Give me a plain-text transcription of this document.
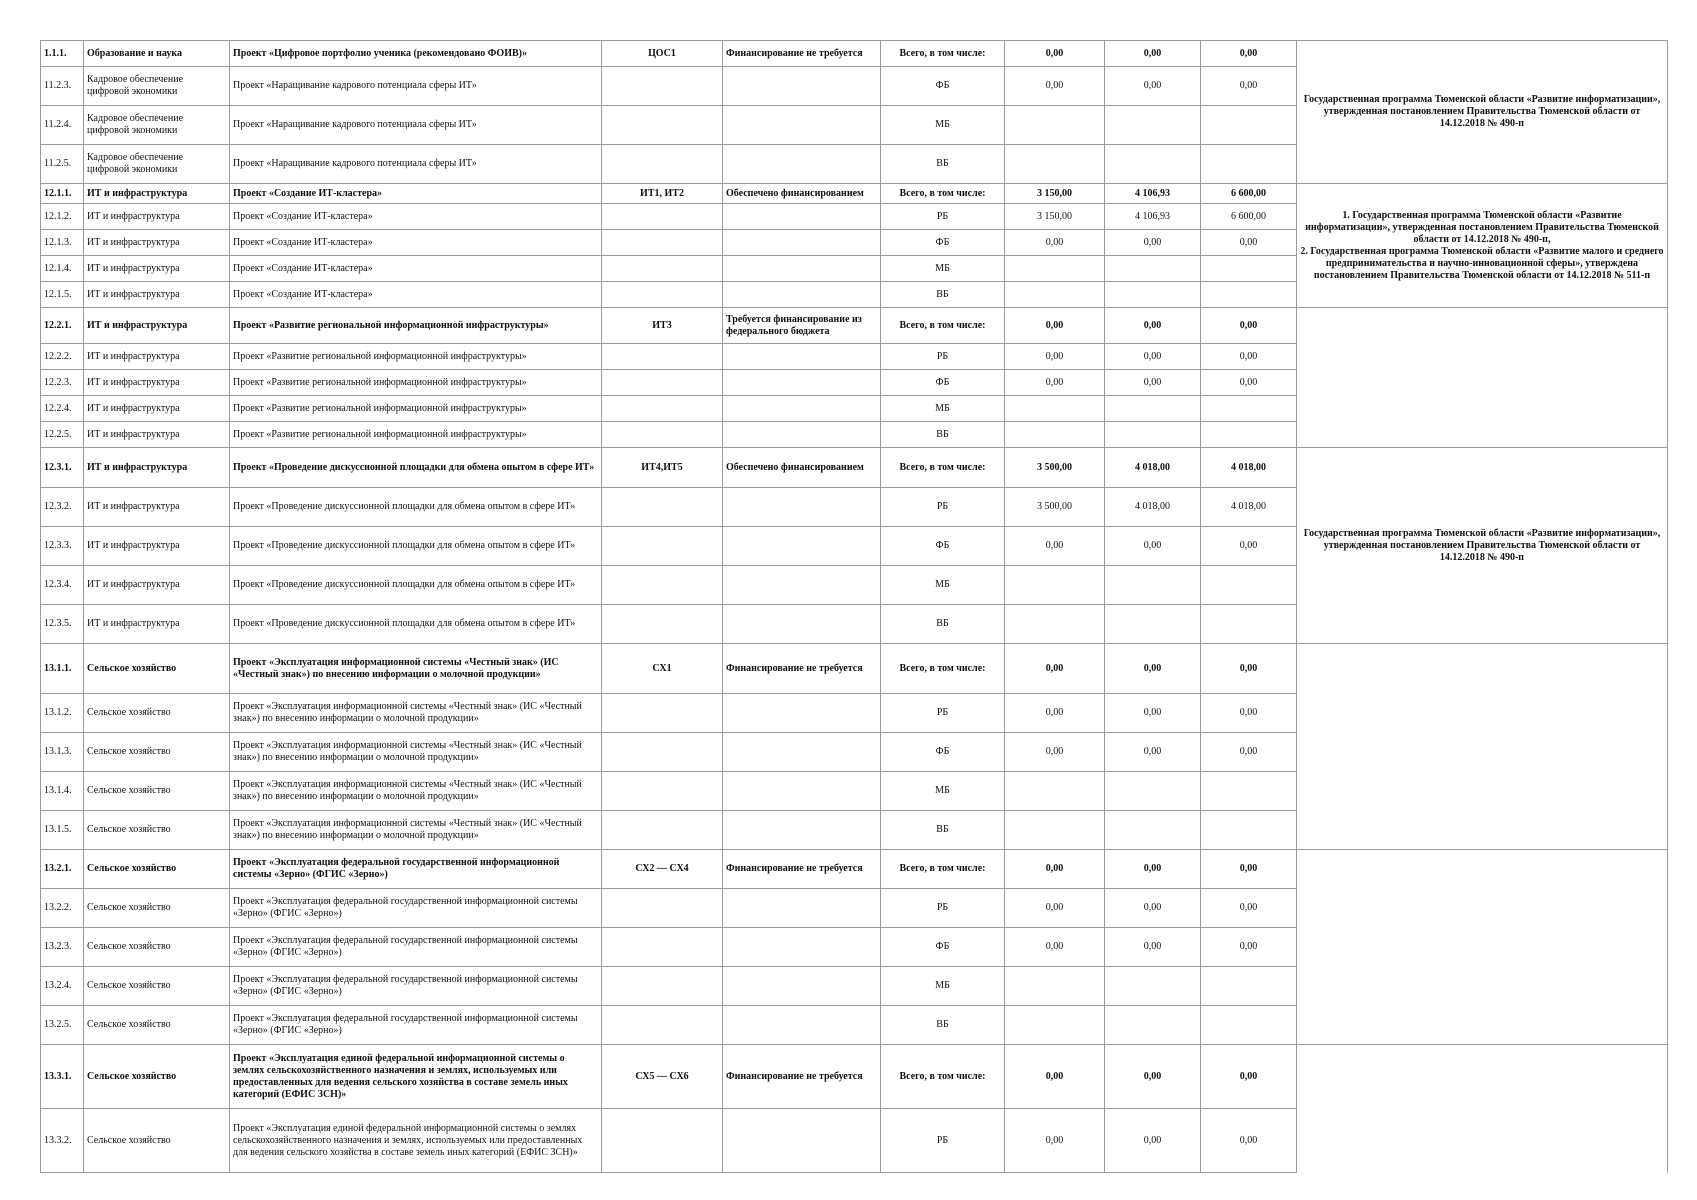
1.1.1.	Образование и наука	Проект «Цифровое портфолио ученика (рекомендовано ФОИВ)»	ЦОС1	Финансирование не требуется	Всего, в том числе:	0,00	0,00	0,00	Государственная программа Тюменской области «Развитие информатизации», утвержденная постановлением Правительства Тюменской области от 14.12.2018 № 490-п
11.2.3.	Кадровое обеспечение цифровой экономики	Проект «Наращивание кадрового потенциала сферы ИТ»			ФБ	0,00	0,00	0,00	
11.2.4.	Кадровое обеспечение цифровой экономики	Проект «Наращивание кадрового потенциала сферы ИТ»			МБ				
11.2.5.	Кадровое обеспечение цифровой экономики	Проект «Наращивание кадрового потенциала сферы ИТ»			ВБ				
12.1.1.	ИТ и инфраструктура	Проект «Создание ИТ-кластера»	ИТ1, ИТ2	Обеспечено финансированием	Всего, в том числе:	3 150,00	4 106,93	6 600,00	1. Государственная программа Тюменской области «Развитие информатизации», утвержденная постановлением Правительства Тюменской области от 14.12.2018 № 490-п,
2. Государственная программа Тюменской области «Развитие малого и среднего предпринимательства и научно-инновационной сферы», утверждена постановлением Правительства Тюменской области от 14.12.2018 № 511-п
12.1.2.	ИТ и инфраструктура	Проект «Создание ИТ-кластера»			РБ	3 150,00	4 106,93	6 600,00	
12.1.3.	ИТ и инфраструктура	Проект «Создание ИТ-кластера»			ФБ	0,00	0,00	0,00	
12.1.4.	ИТ и инфраструктура	Проект «Создание ИТ-кластера»			МБ				
12.1.5.	ИТ и инфраструктура	Проект «Создание ИТ-кластера»			ВБ				
12.2.1.	ИТ и инфраструктура	Проект «Развитие региональной информационной инфраструктуры»	ИТ3	Требуется финансирование из федерального бюджета	Всего, в том числе:	0,00	0,00	0,00	
12.2.2.	ИТ и инфраструктура	Проект «Развитие региональной информационной инфраструктуры»			РБ	0,00	0,00	0,00	
12.2.3.	ИТ и инфраструктура	Проект «Развитие региональной информационной инфраструктуры»			ФБ	0,00	0,00	0,00	
12.2.4.	ИТ и инфраструктура	Проект «Развитие региональной информационной инфраструктуры»			МБ				
12.2.5.	ИТ и инфраструктура	Проект «Развитие региональной информационной инфраструктуры»			ВБ				
12.3.1.	ИТ и инфраструктура	Проект «Проведение дискуссионной площадки для обмена опытом в сфере ИТ»	ИТ4,ИТ5	Обеспечено финансированием	Всего, в том числе:	3 500,00	4 018,00	4 018,00	Государственная программа Тюменской области «Развитие информатизации», утвержденная постановлением Правительства Тюменской области от 14.12.2018 № 490-п
12.3.2.	ИТ и инфраструктура	Проект «Проведение дискуссионной площадки для обмена опытом в сфере ИТ»			РБ	3 500,00	4 018,00	4 018,00	
12.3.3.	ИТ и инфраструктура	Проект «Проведение дискуссионной площадки для обмена опытом в сфере ИТ»			ФБ	0,00	0,00	0,00	
12.3.4.	ИТ и инфраструктура	Проект «Проведение дискуссионной площадки для обмена опытом в сфере ИТ»			МБ				
12.3.5.	ИТ и инфраструктура	Проект «Проведение дискуссионной площадки для обмена опытом в сфере ИТ»			ВБ				
13.1.1.	Сельское хозяйство	Проект «Эксплуатация информационной системы «Честный знак» (ИС «Честный знак») по внесению информации о молочной продукции»	СХ1	Финансирование не требуется	Всего, в том числе:	0,00	0,00	0,00	
13.1.2.	Сельское хозяйство	Проект «Эксплуатация информационной системы «Честный знак» (ИС «Честный знак») по внесению информации о молочной продукции»			РБ	0,00	0,00	0,00	
13.1.3.	Сельское хозяйство	Проект «Эксплуатация информационной системы «Честный знак» (ИС «Честный знак») по внесению информации о молочной продукции»			ФБ	0,00	0,00	0,00	
13.1.4.	Сельское хозяйство	Проект «Эксплуатация информационной системы «Честный знак» (ИС «Честный знак») по внесению информации о молочной продукции»			МБ				
13.1.5.	Сельское хозяйство	Проект «Эксплуатация информационной системы «Честный знак» (ИС «Честный знак») по внесению информации о молочной продукции»			ВБ				
13.2.1.	Сельское хозяйство	Проект «Эксплуатация федеральной государственной информационной системы «Зерно» (ФГИС «Зерно»)	СХ2 — СХ4	Финансирование не требуется	Всего, в том числе:	0,00	0,00	0,00	
13.2.2.	Сельское хозяйство	Проект «Эксплуатация федеральной государственной информационной системы «Зерно» (ФГИС «Зерно»)			РБ	0,00	0,00	0,00	
13.2.3.	Сельское хозяйство	Проект «Эксплуатация федеральной государственной информационной системы «Зерно» (ФГИС «Зерно»)			ФБ	0,00	0,00	0,00	
13.2.4.	Сельское хозяйство	Проект «Эксплуатация федеральной государственной информационной системы «Зерно» (ФГИС «Зерно»)			МБ				
13.2.5.	Сельское хозяйство	Проект «Эксплуатация федеральной государственной информационной системы «Зерно» (ФГИС «Зерно»)			ВБ				
13.3.1.	Сельское хозяйство	Проект «Эксплуатация единой федеральной информационной системы о землях сельскохозяйственного назначения и землях, используемых или предоставленных для ведения сельского хозяйства в составе земель иных категорий (ЕФИС ЗСН)»	СХ5 — СХ6	Финансирование не требуется	Всего, в том числе:	0,00	0,00	0,00	
13.3.2.	Сельское хозяйство	Проект «Эксплуатация единой федеральной информационной системы о землях сельскохозяйственного назначения и землях, используемых или предоставленных для ведения сельского хозяйства в составе земель иных категорий (ЕФИС ЗСН)»			РБ	0,00	0,00	0,00	
